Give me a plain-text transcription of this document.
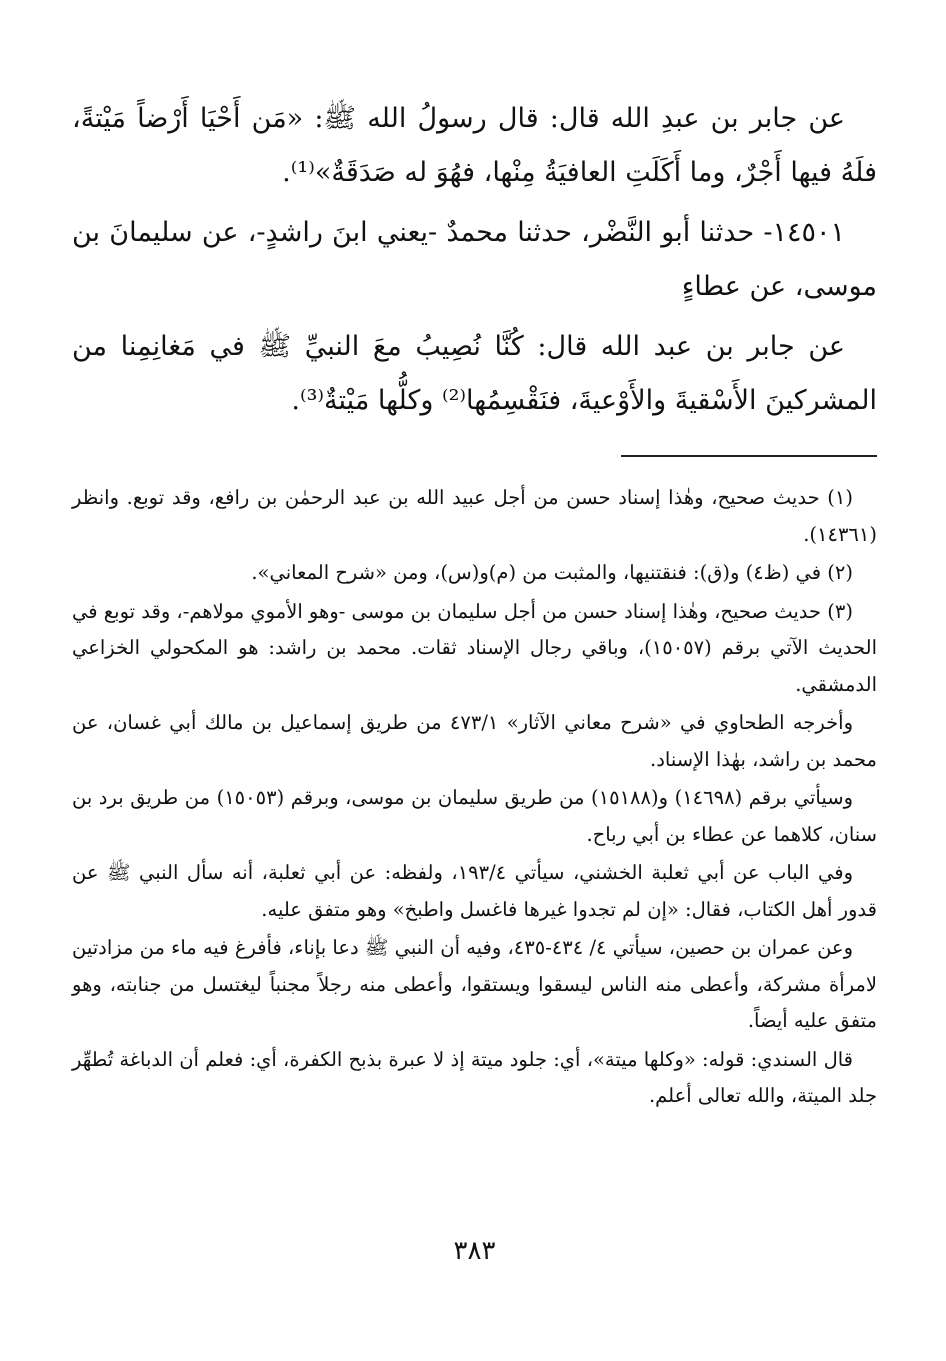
عن جابر بن عبدِ الله قال: قال رسولُ الله ﷺ: «مَن أَحْيَا أَرْضاً مَيْتةً، فلَهُ فيها أَجْرٌ، وما أَكَلَتِ العافيَةُ مِنْها، فهُوَ له صَدَقَةٌ»⁽¹⁾.

١٤٥٠١- حدثنا أبو النَّضْر، حدثنا محمدٌ -يعني ابنَ راشدٍ-، عن سليمانَ بن موسى، عن عطاءٍ

عن جابر بن عبد الله قال: كُنَّا نُصِيبُ معَ النبيِّ ﷺ في مَغانِمِنا من المشركينَ الأَسْقيةَ والأَوْعيةَ، فنَقْسِمُها⁽²⁾ وكلُّها مَيْتةٌ⁽³⁾.

(١) حديث صحيح، وهٰذا إسناد حسن من أجل عبيد الله بن عبد الرحمٰن بن رافع، وقد توبع. وانظر (١٤٣٦١).

(٢) في (ظ٤) و(ق): فنقتنيها، والمثبت من (م)و(س)، ومن «شرح المعاني».

(٣) حديث صحيح، وهٰذا إسناد حسن من أجل سليمان بن موسى -وهو الأموي مولاهم-، وقد توبع في الحديث الآتي برقم (١٥٠٥٧)، وباقي رجال الإسناد ثقات. محمد بن راشد: هو المكحولي الخزاعي الدمشقي.

وأخرجه الطحاوي في «شرح معاني الآثار» ٤٧٣/١ من طريق إسماعيل بن مالك أبي غسان، عن محمد بن راشد، بهٰذا الإسناد.

وسيأتي برقم (١٤٦٩٨) و(١٥١٨٨) من طريق سليمان بن موسى، وبرقم (١٥٠٥٣) من طريق برد بن سنان، كلاهما عن عطاء بن أبي رباح.

وفي الباب عن أبي ثعلبة الخشني، سيأتي ١٩٣/٤، ولفظه: عن أبي ثعلبة، أنه سأل النبي ﷺ عن قدور أهل الكتاب، فقال: «إن لم تجدوا غيرها فاغسل واطبخ» وهو متفق عليه.

وعن عمران بن حصين، سيأتي ٤/ ٤٣٤-٤٣٥، وفيه أن النبي ﷺ دعا بإناء، فأفرغ فيه ماء من مزادتين لامرأة مشركة، وأعطى منه الناس ليسقوا ويستقوا، وأعطى منه رجلاً مجنباً ليغتسل من جنابته، وهو متفق عليه أيضاً.

قال السندي: قوله: «وكلها ميتة»، أي: جلود ميتة إذ لا عبرة بذبح الكفرة، أي: فعلم أن الدباغة تُطهِّر جلد الميتة، والله تعالى أعلم.

٣٨٣
